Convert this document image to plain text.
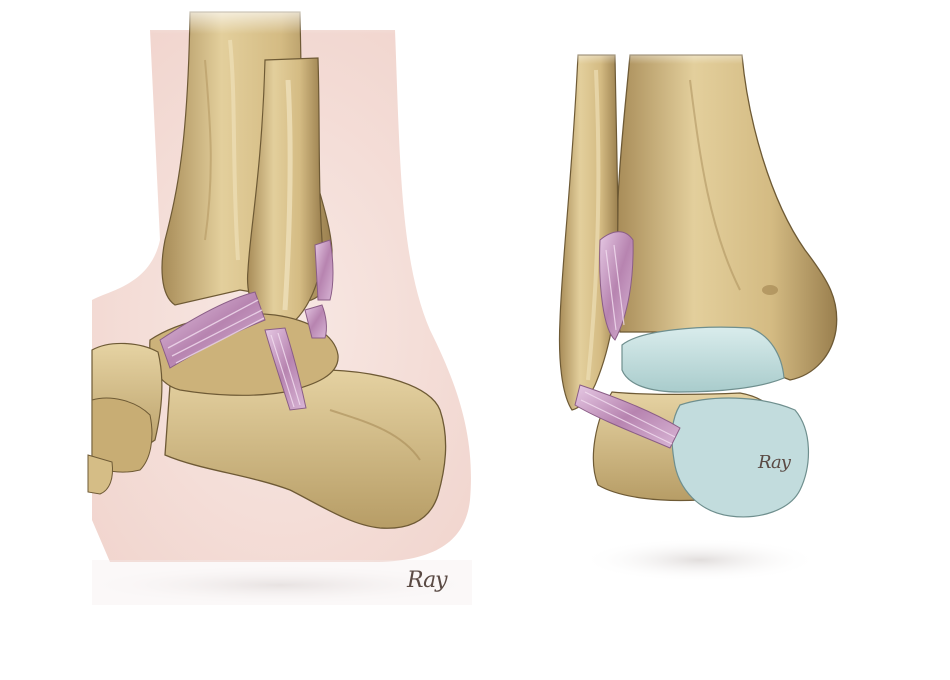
Ray
Ray
